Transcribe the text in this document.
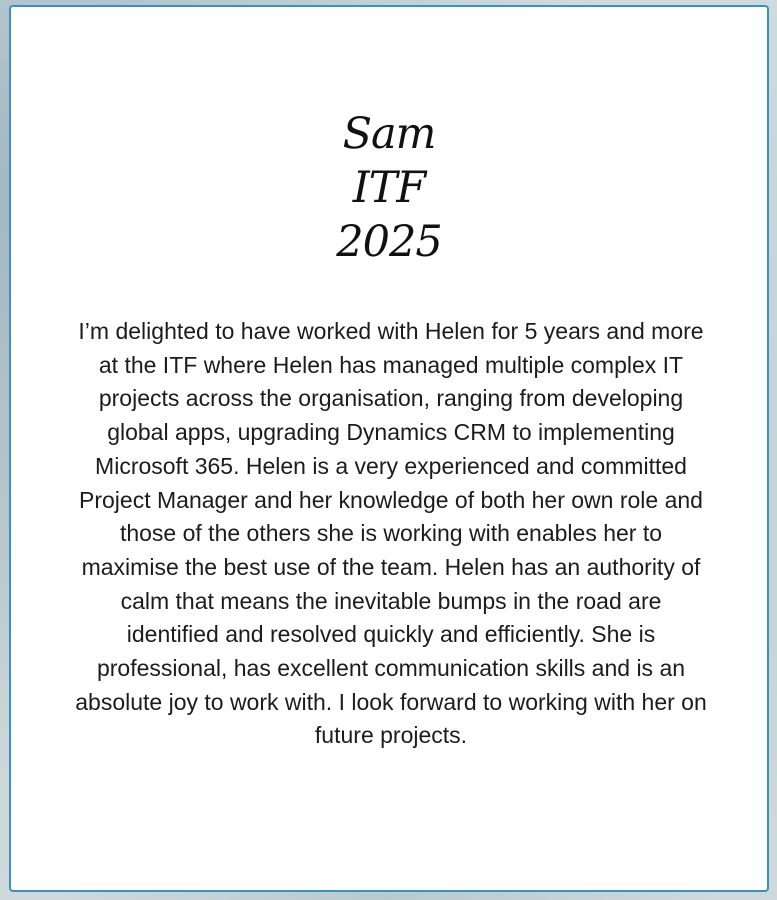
Sam
ITF
2025

I’m delighted to have worked with Helen for 5 years and more at the ITF where Helen has managed multiple complex IT projects across the organisation, ranging from developing global apps, upgrading Dynamics CRM to implementing Microsoft 365. Helen is a very experienced and committed Project Manager and her knowledge of both her own role and those of the others she is working with enables her to maximise the best use of the team. Helen has an authority of calm that means the inevitable bumps in the road are identified and resolved quickly and efficiently. She is professional, has excellent communication skills and is an absolute joy to work with. I look forward to working with her on future projects.
